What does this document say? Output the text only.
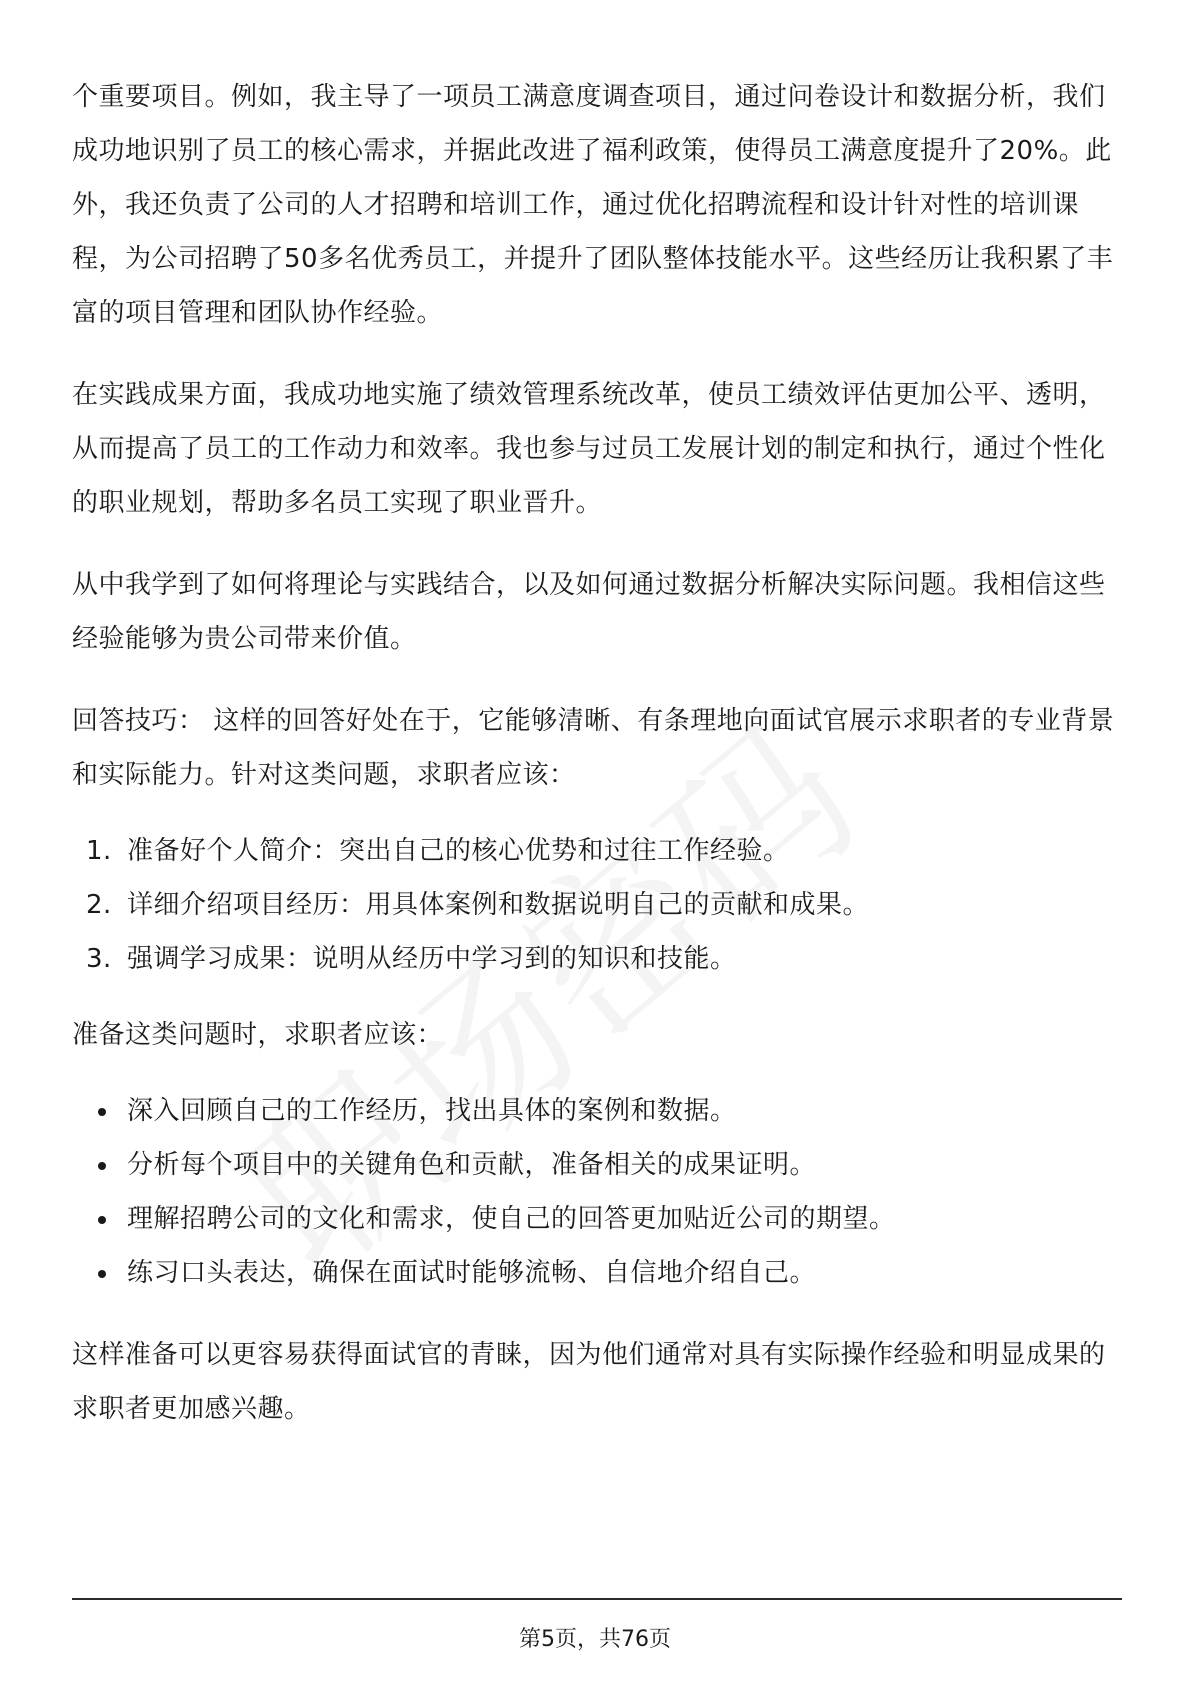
个重要项目。例如，我主导了一项员工满意度调查项目，通过问卷设计和数据分析，我们成功地识别了员工的核心需求，并据此改进了福利政策，使得员工满意度提升了20%。此外，我还负责了公司的人才招聘和培训工作，通过优化招聘流程和设计针对性的培训课程，为公司招聘了50多名优秀员工，并提升了团队整体技能水平。这些经历让我积累了丰富的项目管理和团队协作经验。

在实践成果方面，我成功地实施了绩效管理系统改革，使员工绩效评估更加公平、透明，从而提高了员工的工作动力和效率。我也参与过员工发展计划的制定和执行，通过个性化的职业规划，帮助多名员工实现了职业晋升。

从中我学到了如何将理论与实践结合，以及如何通过数据分析解决实际问题。我相信这些经验能够为贵公司带来价值。

回答技巧： 这样的回答好处在于，它能够清晰、有条理地向面试官展示求职者的专业背景和实际能力。针对这类问题，求职者应该：

1. 准备好个人简介：突出自己的核心优势和过往工作经验。
2. 详细介绍项目经历：用具体案例和数据说明自己的贡献和成果。
3. 强调学习成果：说明从经历中学习到的知识和技能。

准备这类问题时，求职者应该：

深入回顾自己的工作经历，找出具体的案例和数据。
分析每个项目中的关键角色和贡献，准备相关的成果证明。
理解招聘公司的文化和需求，使自己的回答更加贴近公司的期望。
练习口头表达，确保在面试时能够流畅、自信地介绍自己。

这样准备可以更容易获得面试官的青睐，因为他们通常对具有实际操作经验和明显成果的求职者更加感兴趣。

第5页，共76页
